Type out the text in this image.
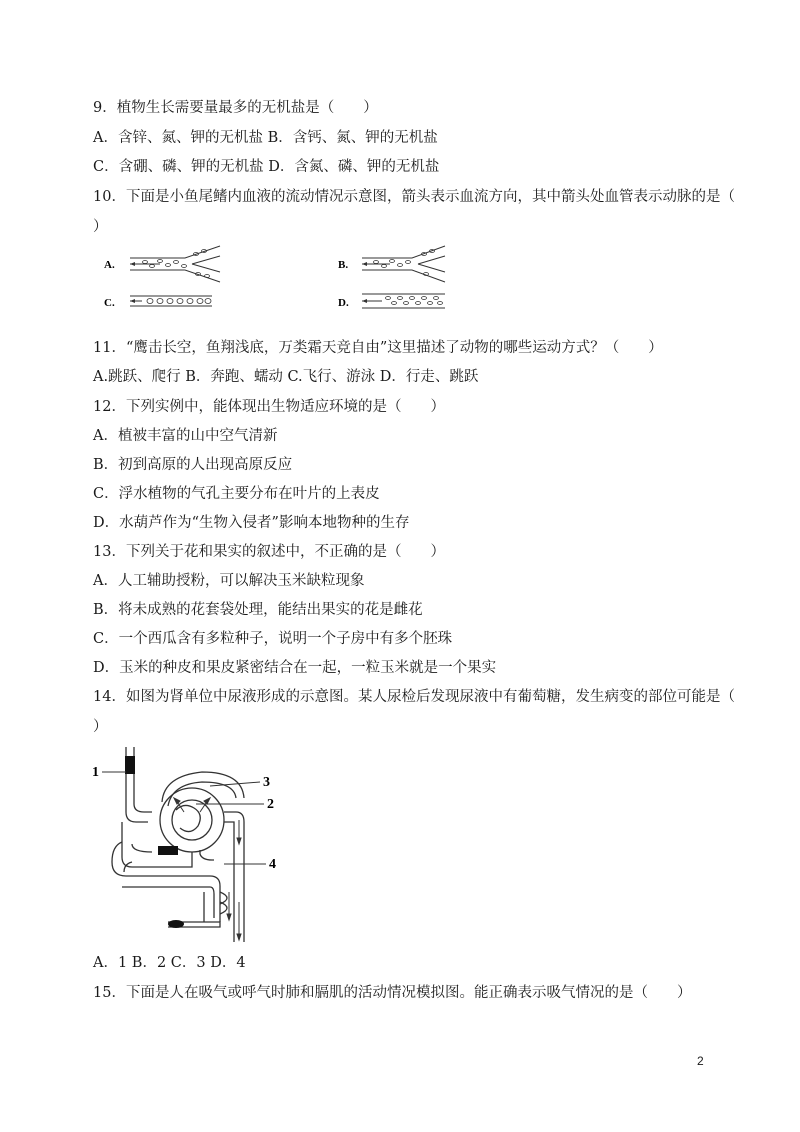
9．植物生长需要量最多的无机盐是（　　）
A．含锌、氮、钾的无机盐 B．含钙、氮、钾的无机盐
C．含硼、磷、钾的无机盐 D．含氮、磷、钾的无机盐
10．下面是小鱼尾鳍内血液的流动情况示意图，箭头表示血流方向，其中箭头处血管表示动脉的是（
）
A.	B.
C.	D.
11．“鹰击长空，鱼翔浅底，万类霜天竞自由”这里描述了动物的哪些运动方式？（　　）
A.跳跃、爬行 B．奔跑、蠕动 C.飞行、游泳 D．行走、跳跃
12．下列实例中，能体现出生物适应环境的是（　　）
A．植被丰富的山中空气清新
B．初到高原的人出现高原反应
C．浮水植物的气孔主要分布在叶片的上表皮
D．水葫芦作为“生物入侵者”影响本地物种的生存
13．下列关于花和果实的叙述中，不正确的是（　　）
A．人工辅助授粉，可以解决玉米缺粒现象
B．将未成熟的花套袋处理，能结出果实的花是雌花
C．一个西瓜含有多粒种子，说明一个子房中有多个胚珠
D．玉米的种皮和果皮紧密结合在一起，一粒玉米就是一个果实
14．如图为肾单位中尿液形成的示意图。某人尿检后发现尿液中有葡萄糖，发生病变的部位可能是（
）
1
3
2
4
A．1 B．2 C．3 D．4
15．下面是人在吸气或呼气时肺和膈肌的活动情况模拟图。能正确表示吸气情况的是（　　）
2
